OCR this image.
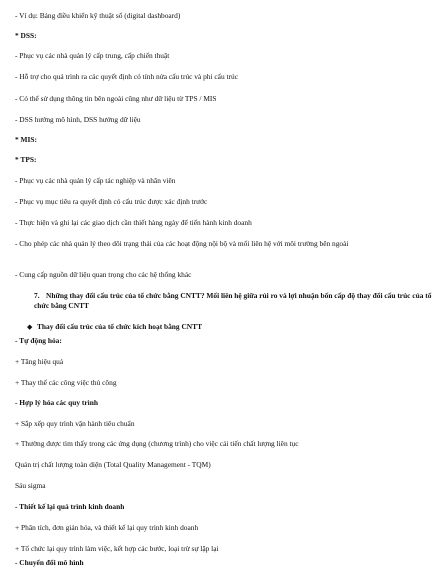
- Ví dụ: Bảng điều khiển kỹ thuật số (digital dashboard)
* DSS:
- Phục vụ các nhà quản lý cấp trung, cấp chiến thuật
- Hỗ trợ cho quá trình ra các quyết định có tính nửa cấu trúc và phi cấu trúc
- Có thể sử dụng thông tin bên ngoài cũng như dữ liệu từ TPS / MIS
- DSS hướng mô hình, DSS hướng dữ liệu
* MIS:
* TPS:
- Phục vụ các nhà quản lý cấp tác nghiệp và nhân viên
- Phục vụ mục tiêu ra quyết định có cấu trúc được xác định trước
- Thực hiện và ghi lại các giao dịch cần thiết hàng ngày để tiến hành kinh doanh
- Cho phép các nhà quản lý theo dõi trạng thái của các hoạt động nội bộ và mối liên hệ với môi trường bên ngoài
- Cung cấp nguồn dữ liệu quan trọng cho các hệ thống khác
7. Những thay đổi cấu trúc của tổ chức bằng CNTT? Mối liên hệ giữa rủi ro và lợi nhuận bốn cấp độ thay đổi cấu trúc của tổ chức bằng CNTT
◆ Thay đổi cấu trúc của tổ chức kích hoạt bằng CNTT
- Tự động hóa:
+ Tăng hiệu quả
+ Thay thế các công việc thủ công
- Hợp lý hóa các quy trình
+ Sắp xếp quy trình vận hành tiêu chuẩn
+ Thường được tìm thấy trong các ứng dụng (chương trình) cho việc cải tiến chất lượng liên tục
Quản trị chất lượng toàn diện (Total Quality Management - TQM)
Sáu sigma
- Thiết kế lại quá trình kinh doanh
+ Phân tích, đơn giản hóa, và thiết kế lại quy trình kinh doanh
+ Tổ chức lại quy trình làm việc, kết hợp các bước, loại trừ sự lặp lại
- Chuyển đổi mô hình
